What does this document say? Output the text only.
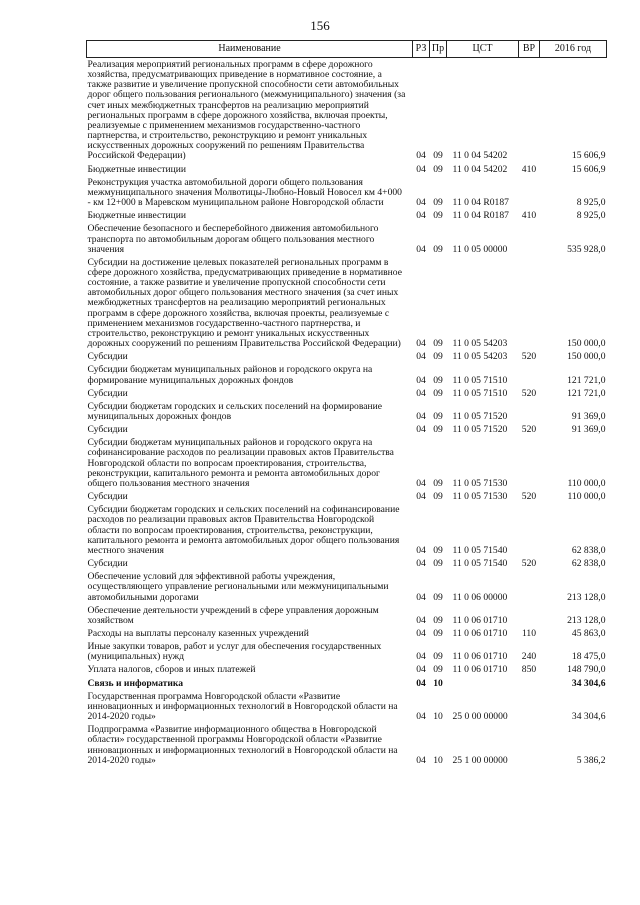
156
Наименование	РЗ	Пр	ЦСТ	ВР	2016 год
Реализация мероприятий региональных программ в сфере дорожного хозяйства, предусматривающих приведение в нормативное состояние, а также развитие и увеличение пропускной способности сети автомобильных дорог общего пользования регионального (межмуниципального) значения (за счет иных межбюджетных трансфертов на реализацию мероприятий региональных программ в сфере дорожного хозяйства, включая проекты, реализуемые с применением механизмов государственно-частного партнерства, и строительство, реконструкцию и ремонт уникальных искусственных дорожных сооружений по решениям Правительства Российской Федерации)	04	09	11 0 04 54202		15 606,9
Бюджетные инвестиции	04	09	11 0 04 54202	410	15 606,9
Реконструкция участка автомобильной дороги общего пользования межмуниципального значения Молвотицы-Любно-Новый Новосел км 4+000 - км 12+000 в Маревском муниципальном районе Новгородской области	04	09	11 0 04 R0187		8 925,0
Бюджетные инвестиции	04	09	11 0 04 R0187	410	8 925,0
Обеспечение безопасного и бесперебойного движения автомобильного транспорта по автомобильным дорогам общего пользования местного значения	04	09	11 0 05 00000		535 928,0
Субсидии на достижение целевых показателей региональных программ в сфере дорожного хозяйства, предусматривающих приведение в нормативное состояние, а также развитие и увеличение пропускной способности сети автомобильных дорог общего пользования местного значения (за счет иных межбюджетных трансфертов на реализацию мероприятий региональных программ в сфере дорожного хозяйства, включая проекты, реализуемые с применением механизмов государственно-частного партнерства, и строительство, реконструкцию и ремонт уникальных искусственных дорожных сооружений по решениям Правительства Российской Федерации)	04	09	11 0 05 54203		150 000,0
Субсидии	04	09	11 0 05 54203	520	150 000,0
Субсидии бюджетам муниципальных районов и городского округа на формирование муниципальных дорожных фондов	04	09	11 0 05 71510		121 721,0
Субсидии	04	09	11 0 05 71510	520	121 721,0
Субсидии бюджетам городских и сельских поселений на формирование муниципальных дорожных фондов	04	09	11 0 05 71520		91 369,0
Субсидии	04	09	11 0 05 71520	520	91 369,0
Субсидии бюджетам муниципальных районов и городского округа на софинансирование расходов по реализации правовых актов Правительства Новгородской области по вопросам проектирования, строительства, реконструкции, капитального ремонта и ремонта автомобильных дорог общего пользования местного значения	04	09	11 0 05 71530		110 000,0
Субсидии	04	09	11 0 05 71530	520	110 000,0
Субсидии бюджетам городских и сельских поселений на софинансирование расходов по реализации правовых актов Правительства Новгородской области по вопросам проектирования, строительства, реконструкции, капитального ремонта и ремонта автомобильных дорог общего пользования местного значения	04	09	11 0 05 71540		62 838,0
Субсидии	04	09	11 0 05 71540	520	62 838,0
Обеспечение условий для эффективной работы учреждения, осуществляющего управление региональными или межмуниципальными автомобильными дорогами	04	09	11 0 06 00000		213 128,0
Обеспечение деятельности учреждений в сфере управления дорожным хозяйством	04	09	11 0 06 01710		213 128,0
Расходы на выплаты персоналу казенных учреждений	04	09	11 0 06 01710	110	45 863,0
Иные закупки товаров, работ и услуг для обеспечения государственных (муниципальных) нужд	04	09	11 0 06 01710	240	18 475,0
Уплата налогов, сборов и иных платежей	04	09	11 0 06 01710	850	148 790,0
Связь и информатика	04	10			34 304,6
Государственная программа Новгородской области «Развитие инновационных и информационных технологий в Новгородской области на 2014-2020 годы»	04	10	25 0 00 00000		34 304,6
Подпрограмма «Развитие информационного общества в Новгородской области» государственной программы Новгородской области «Развитие инновационных и информационных технологий в Новгородской области на 2014-2020 годы»	04	10	25 1 00 00000		5 386,2
